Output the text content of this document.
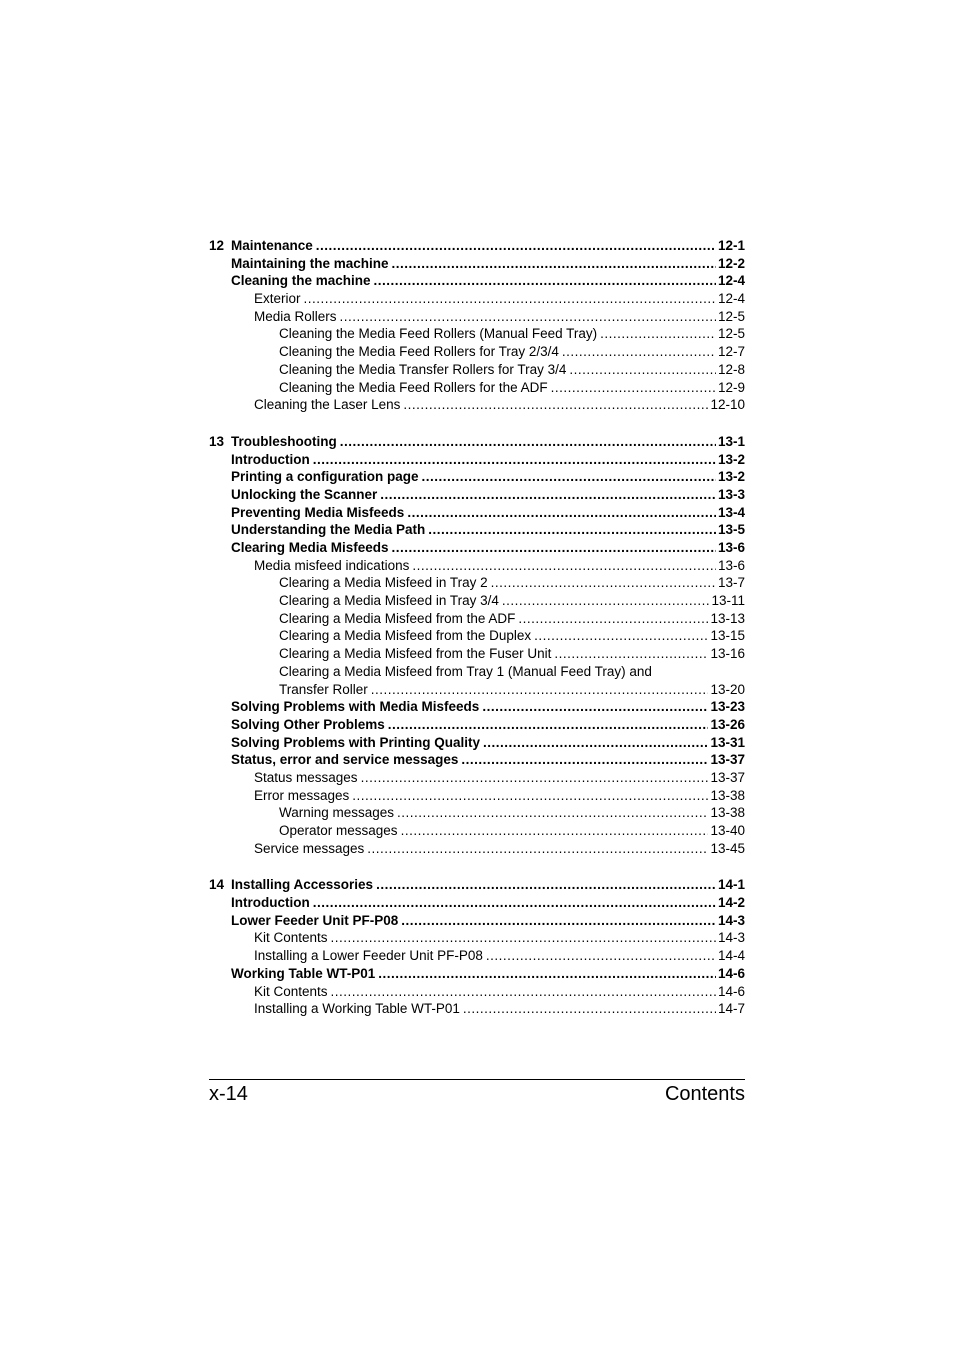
12 Maintenance .....	12-1
Maintaining the machine .....	12-2
Cleaning the machine .....	12-4
Exterior .....	12-4
Media Rollers .....	12-5
Cleaning the Media Feed Rollers (Manual Feed Tray) .....	12-5
Cleaning the Media Feed Rollers for Tray 2/3/4 .....	12-7
Cleaning the Media Transfer Rollers for Tray 3/4 .....	12-8
Cleaning the Media Feed Rollers for the ADF .....	12-9
Cleaning the Laser Lens .....	12-10
13 Troubleshooting .....	13-1
Introduction .....	13-2
Printing a configuration page .....	13-2
Unlocking the Scanner .....	13-3
Preventing Media Misfeeds .....	13-4
Understanding the Media Path .....	13-5
Clearing Media Misfeeds .....	13-6
Media misfeed indications .....	13-6
Clearing a Media Misfeed in Tray 2 .....	13-7
Clearing a Media Misfeed in Tray 3/4 .....	13-11
Clearing a Media Misfeed from the ADF .....	13-13
Clearing a Media Misfeed from the Duplex .....	13-15
Clearing a Media Misfeed from the Fuser Unit .....	13-16
Clearing a Media Misfeed from Tray 1 (Manual Feed Tray) and
Transfer Roller .....	13-20
Solving Problems with Media Misfeeds .....	13-23
Solving Other Problems .....	13-26
Solving Problems with Printing Quality .....	13-31
Status, error and service messages .....	13-37
Status messages .....	13-37
Error messages .....	13-38
Warning messages .....	13-38
Operator messages .....	13-40
Service messages .....	13-45
14 Installing Accessories .....	14-1
Introduction .....	14-2
Lower Feeder Unit PF-P08 .....	14-3
Kit Contents .....	14-3
Installing a Lower Feeder Unit PF-P08 .....	14-4
Working Table WT-P01 .....	14-6
Kit Contents .....	14-6
Installing a Working Table WT-P01 .....	14-7
x-14	Contents
